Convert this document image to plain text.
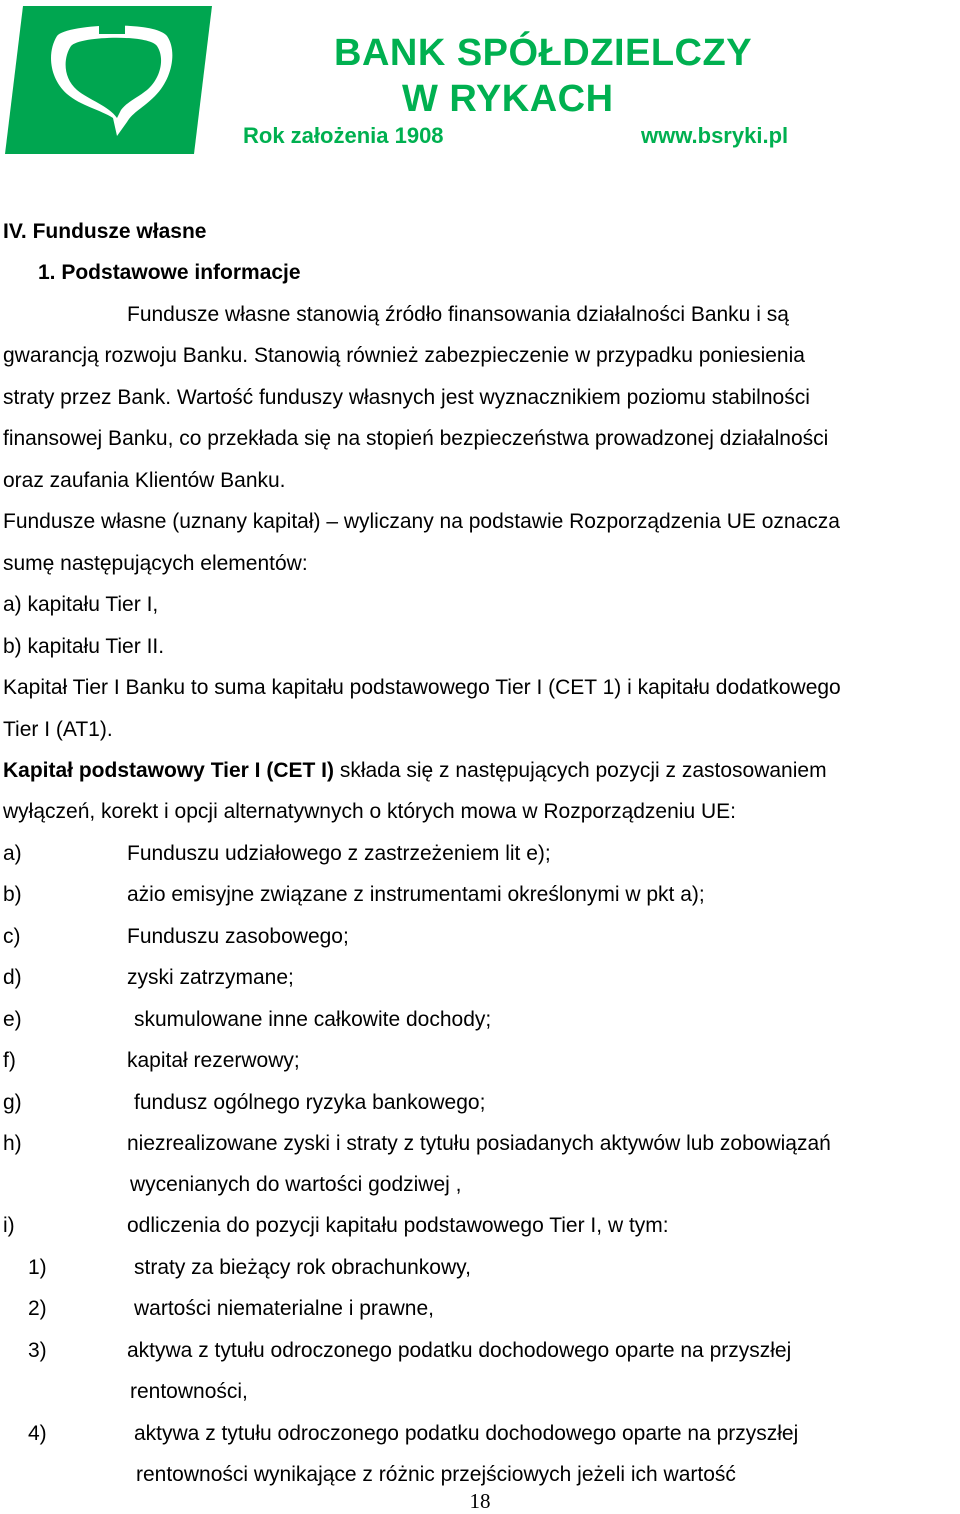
BANK SPÓŁDZIELCZY
W RYKACH
Rok założenia 1908	www.bsryki.pl
IV. Fundusze własne
1. Podstawowe informacje
Fundusze własne stanowią źródło finansowania działalności Banku i są
gwarancją rozwoju Banku. Stanowią również zabezpieczenie w przypadku poniesienia
straty przez Bank. Wartość funduszy własnych jest wyznacznikiem poziomu stabilności
finansowej Banku, co przekłada się na stopień bezpieczeństwa prowadzonej działalności
oraz zaufania Klientów Banku.
Fundusze własne (uznany kapitał) – wyliczany na podstawie Rozporządzenia UE oznacza
sumę następujących elementów:
a) kapitału Tier I,
b) kapitału Tier II.
Kapitał Tier I Banku to suma kapitału podstawowego Tier I (CET 1) i kapitału dodatkowego
Tier I (AT1).
Kapitał podstawowy Tier I (CET I) składa się z następujących pozycji z zastosowaniem
wyłączeń, korekt i opcji alternatywnych o których mowa w Rozporządzeniu UE:
a)	Funduszu udziałowego z zastrzeżeniem lit e);
b)	ażio emisyjne związane z instrumentami określonymi w pkt a);
c)	Funduszu zasobowego;
d)	zyski zatrzymane;
e)	skumulowane inne całkowite dochody;
f)	kapitał rezerwowy;
g)	fundusz ogólnego ryzyka bankowego;
h)	niezrealizowane zyski i straty z tytułu posiadanych aktywów lub zobowiązań
wycenianych do wartości godziwej ,
i)	odliczenia do pozycji kapitału podstawowego Tier I, w tym:
1)	straty za bieżący rok obrachunkowy,
2)	wartości niematerialne i prawne,
3)	aktywa z tytułu odroczonego podatku dochodowego oparte na przyszłej
rentowności,
4)	aktywa z tytułu odroczonego podatku dochodowego oparte na przyszłej
rentowności wynikające z różnic przejściowych jeżeli ich wartość
18
